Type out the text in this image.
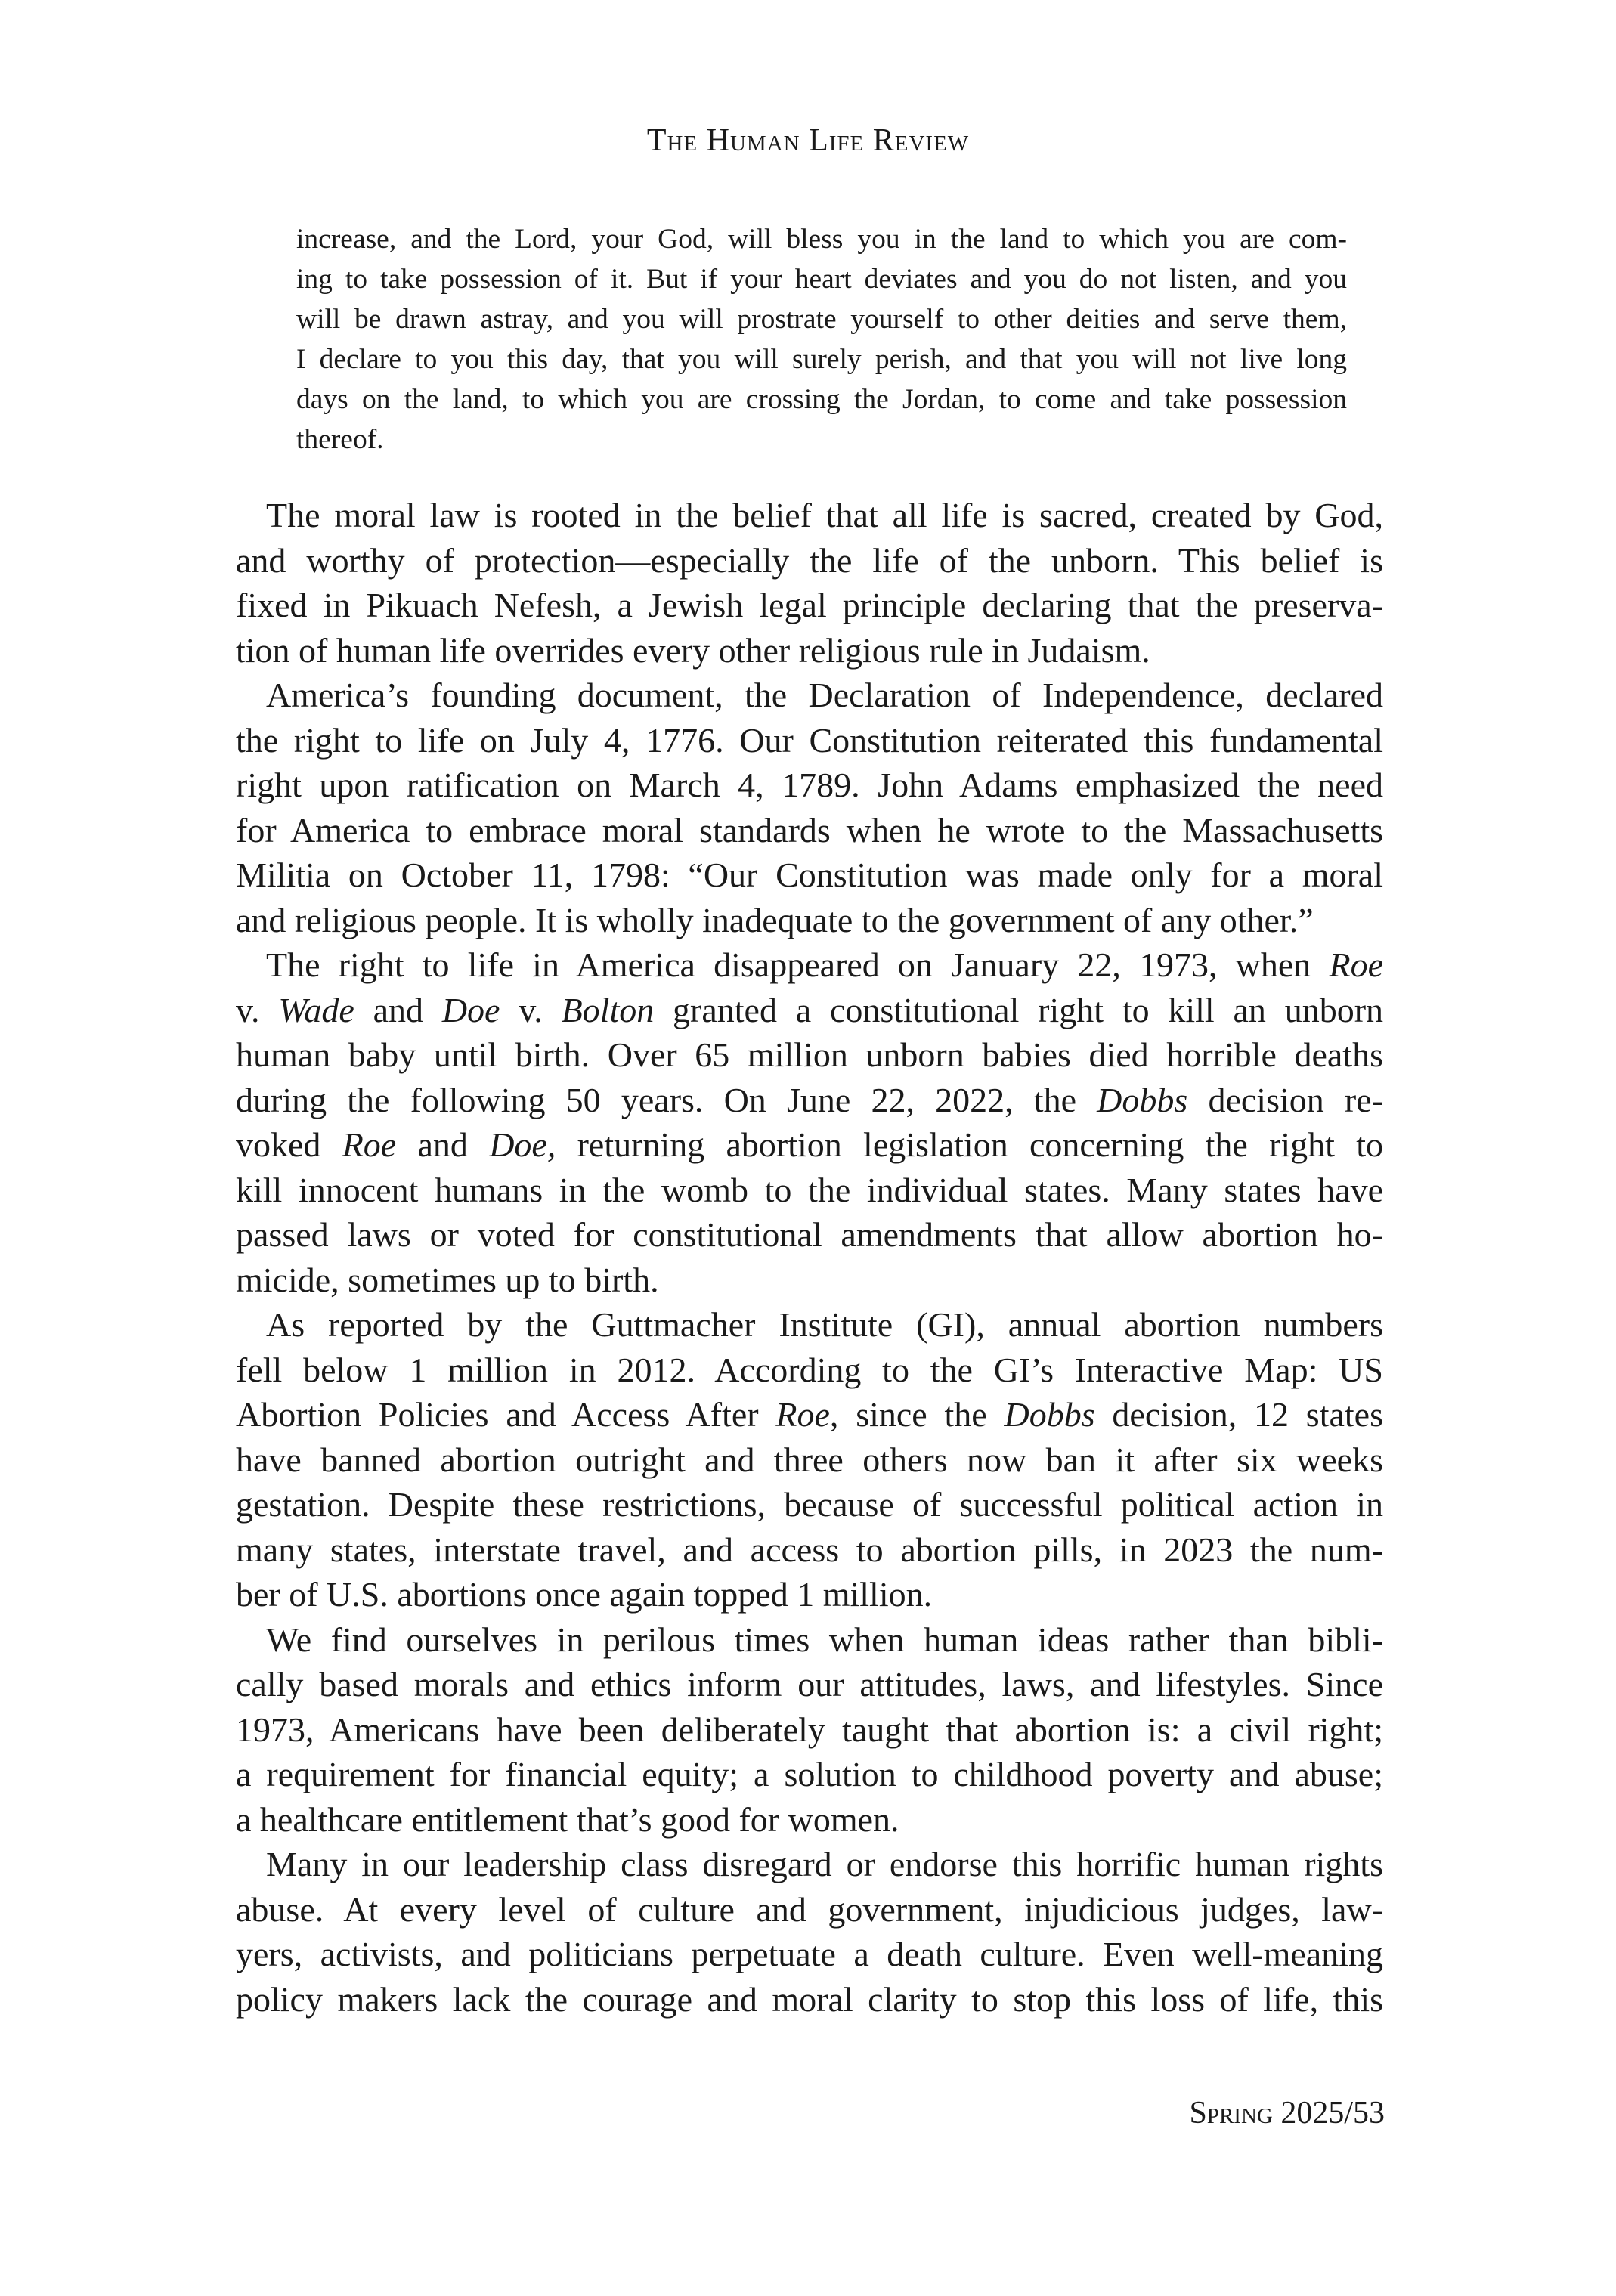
The Human Life Review
increase, and the Lord, your God, will bless you in the land to which you are com-
ing to take possession of it. But if your heart deviates and you do not listen, and you
will be drawn astray, and you will prostrate yourself to other deities and serve them,
I declare to you this day, that you will surely perish, and that you will not live long
days on the land, to which you are crossing the Jordan, to come and take possession
thereof.
The moral law is rooted in the belief that all life is sacred, created by God,
and worthy of protection—especially the life of the unborn. This belief is
fixed in Pikuach Nefesh, a Jewish legal principle declaring that the preserva-
tion of human life overrides every other religious rule in Judaism.
America’s founding document, the Declaration of Independence, declared
the right to life on July 4, 1776. Our Constitution reiterated this fundamental
right upon ratification on March 4, 1789. John Adams emphasized the need
for America to embrace moral standards when he wrote to the Massachusetts
Militia on October 11, 1798: “Our Constitution was made only for a moral
and religious people. It is wholly inadequate to the government of any other.”
The right to life in America disappeared on January 22, 1973, when Roe
v. Wade and Doe v. Bolton granted a constitutional right to kill an unborn
human baby until birth. Over 65 million unborn babies died horrible deaths
during the following 50 years. On June 22, 2022, the Dobbs decision re-
voked Roe and Doe, returning abortion legislation concerning the right to
kill innocent humans in the womb to the individual states. Many states have
passed laws or voted for constitutional amendments that allow abortion ho-
micide, sometimes up to birth.
As reported by the Guttmacher Institute (GI), annual abortion numbers
fell below 1 million in 2012. According to the GI’s Interactive Map: US
Abortion Policies and Access After Roe, since the Dobbs decision, 12 states
have banned abortion outright and three others now ban it after six weeks
gestation. Despite these restrictions, because of successful political action in
many states, interstate travel, and access to abortion pills, in 2023 the num-
ber of U.S. abortions once again topped 1 million.
We find ourselves in perilous times when human ideas rather than bibli-
cally based morals and ethics inform our attitudes, laws, and lifestyles. Since
1973, Americans have been deliberately taught that abortion is: a civil right;
a requirement for financial equity; a solution to childhood poverty and abuse;
a healthcare entitlement that’s good for women.
Many in our leadership class disregard or endorse this horrific human rights
abuse. At every level of culture and government, injudicious judges, law-
yers, activists, and politicians perpetuate a death culture. Even well-meaning
policy makers lack the courage and moral clarity to stop this loss of life, this
Spring 2025/53
